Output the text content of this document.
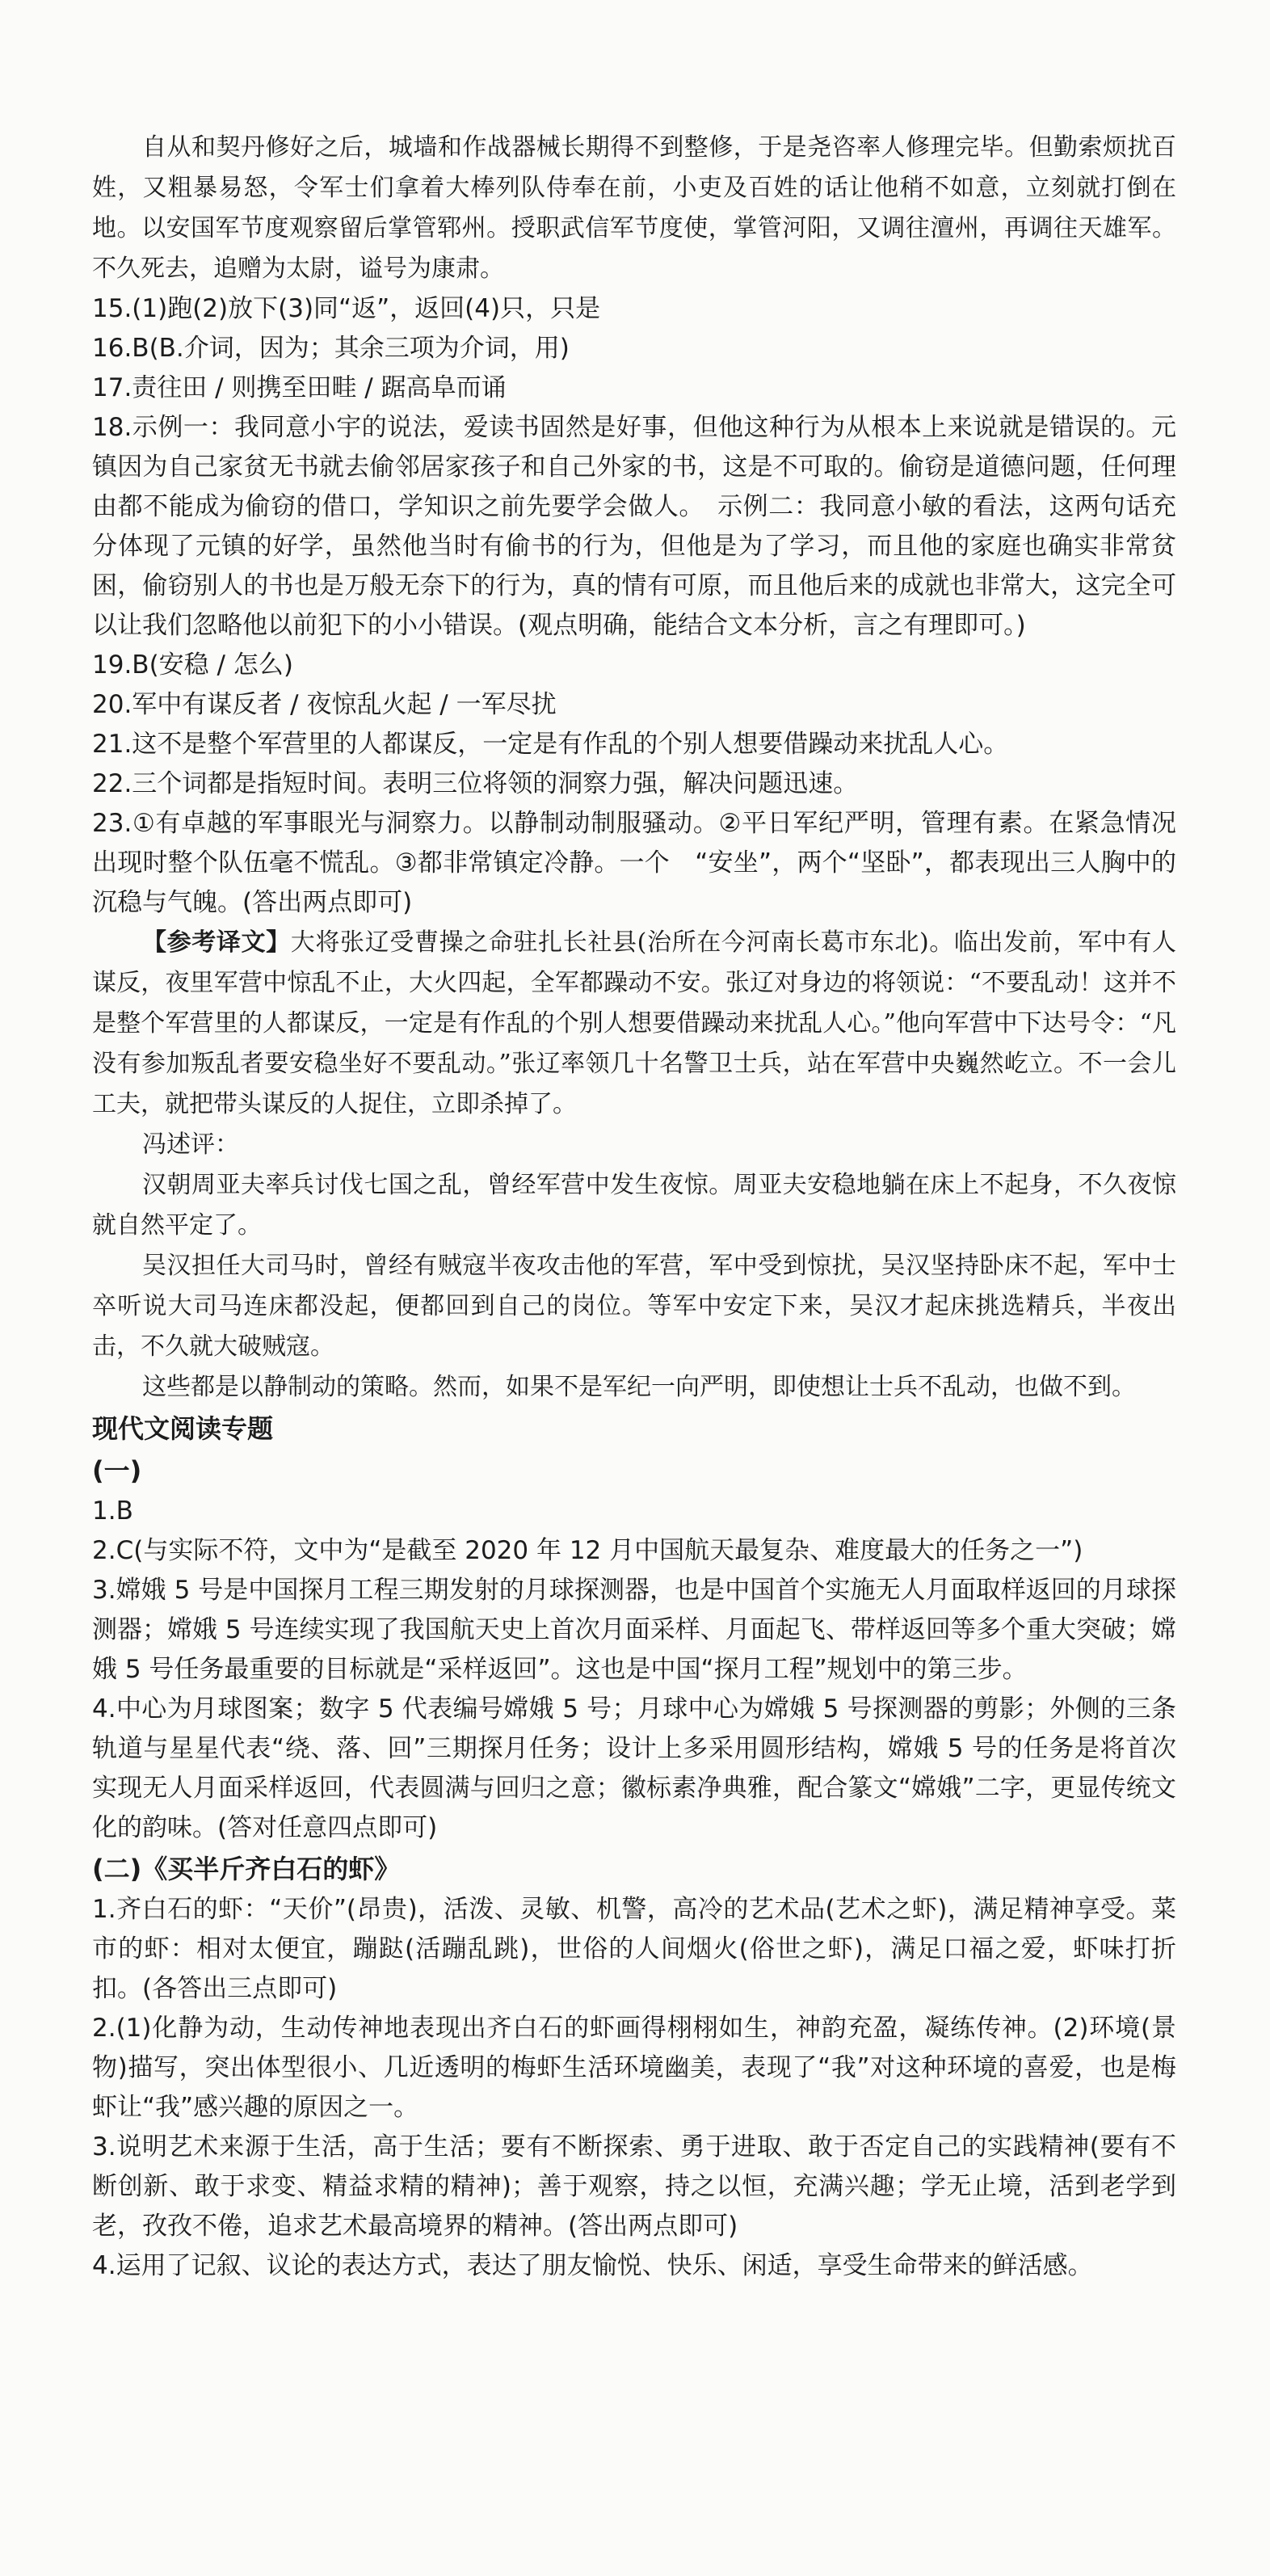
自从和契丹修好之后，城墙和作战器械长期得不到整修，于是尧咨率人修理完毕。但勤索烦扰百姓，又粗暴易怒，令军士们拿着大棒列队侍奉在前，小吏及百姓的话让他稍不如意，立刻就打倒在地。以安国军节度观察留后掌管郓州。授职武信军节度使，掌管河阳，又调往澶州，再调往天雄军。不久死去，追赠为太尉，谥号为康肃。

15.(1)跑(2)放下(3)同“返”，返回(4)只，只是

16.B(B.介词，因为；其余三项为介词，用)

17.责往田 / 则携至田畦 / 踞高阜而诵

18.示例一：我同意小宇的说法，爱读书固然是好事，但他这种行为从根本上来说就是错误的。元镇因为自己家贫无书就去偷邻居家孩子和自己外家的书，这是不可取的。偷窃是道德问题，任何理由都不能成为偷窃的借口，学知识之前先要学会做人。　示例二：我同意小敏的看法，这两句话充分体现了元镇的好学，虽然他当时有偷书的行为，但他是为了学习，而且他的家庭也确实非常贫困，偷窃别人的书也是万般无奈下的行为，真的情有可原，而且他后来的成就也非常大，这完全可以让我们忽略他以前犯下的小小错误。(观点明确，能结合文本分析，言之有理即可。)

19.B(安稳 / 怎么)

20.军中有谋反者 / 夜惊乱火起 / 一军尽扰

21.这不是整个军营里的人都谋反，一定是有作乱的个别人想要借躁动来扰乱人心。

22.三个词都是指短时间。表明三位将领的洞察力强，解决问题迅速。

23.①有卓越的军事眼光与洞察力。以静制动制服骚动。②平日军纪严明，管理有素。在紧急情况出现时整个队伍毫不慌乱。③都非常镇定冷静。一个　“安坐”，两个“坚卧”，都表现出三人胸中的沉稳与气魄。(答出两点即可)

【参考译文】大将张辽受曹操之命驻扎长社县(治所在今河南长葛市东北)。临出发前，军中有人谋反，夜里军营中惊乱不止，大火四起，全军都躁动不安。张辽对身边的将领说：“不要乱动！这并不是整个军营里的人都谋反，一定是有作乱的个别人想要借躁动来扰乱人心。”他向军营中下达号令：“凡没有参加叛乱者要安稳坐好不要乱动。”张辽率领几十名警卫士兵，站在军营中央巍然屹立。不一会儿工夫，就把带头谋反的人捉住，立即杀掉了。

冯述评：

汉朝周亚夫率兵讨伐七国之乱，曾经军营中发生夜惊。周亚夫安稳地躺在床上不起身，不久夜惊就自然平定了。

吴汉担任大司马时，曾经有贼寇半夜攻击他的军营，军中受到惊扰，吴汉坚持卧床不起，军中士卒听说大司马连床都没起，便都回到自己的岗位。等军中安定下来，吴汉才起床挑选精兵，半夜出击，不久就大破贼寇。

这些都是以静制动的策略。然而，如果不是军纪一向严明，即使想让士兵不乱动，也做不到。

现代文阅读专题

(一)

1.B

2.C(与实际不符，文中为“是截至 2020 年 12 月中国航天最复杂、难度最大的任务之一”)

3.嫦娥 5 号是中国探月工程三期发射的月球探测器，也是中国首个实施无人月面取样返回的月球探测器；嫦娥 5 号连续实现了我国航天史上首次月面采样、月面起飞、带样返回等多个重大突破；嫦娥 5 号任务最重要的目标就是“采样返回”。这也是中国“探月工程”规划中的第三步。

4.中心为月球图案；数字 5 代表编号嫦娥 5 号；月球中心为嫦娥 5 号探测器的剪影；外侧的三条轨道与星星代表“绕、落、回”三期探月任务；设计上多采用圆形结构，嫦娥 5 号的任务是将首次实现无人月面采样返回，代表圆满与回归之意；徽标素净典雅，配合篆文“嫦娥”二字，更显传统文化的韵味。(答对任意四点即可)

(二)《买半斤齐白石的虾》

1.齐白石的虾：“天价”(昂贵)，活泼、灵敏、机警，高冷的艺术品(艺术之虾)，满足精神享受。菜市的虾：相对太便宜，蹦跶(活蹦乱跳)，世俗的人间烟火(俗世之虾)，满足口福之爱，虾味打折扣。(各答出三点即可)

2.(1)化静为动，生动传神地表现出齐白石的虾画得栩栩如生，神韵充盈，凝练传神。(2)环境(景物)描写，突出体型很小、几近透明的梅虾生活环境幽美，表现了“我”对这种环境的喜爱，也是梅虾让“我”感兴趣的原因之一。

3.说明艺术来源于生活，高于生活；要有不断探索、勇于进取、敢于否定自己的实践精神(要有不断创新、敢于求变、精益求精的精神)；善于观察，持之以恒，充满兴趣；学无止境，活到老学到老，孜孜不倦，追求艺术最高境界的精神。(答出两点即可)

4.运用了记叙、议论的表达方式，表达了朋友愉悦、快乐、闲适，享受生命带来的鲜活感。
